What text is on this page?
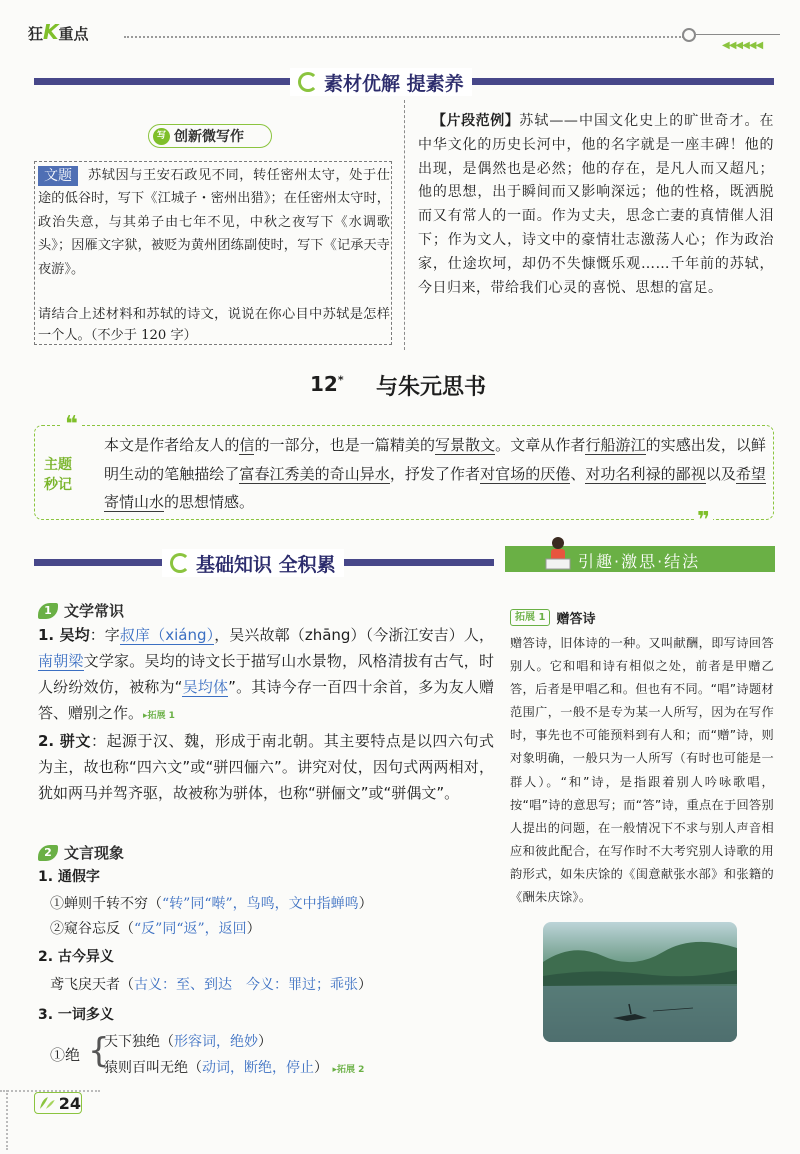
狂K重点
◀◀◀◀◀◀
素材优解 提素养
写 创新微写作
文题	苏轼因与王安石政见不同，转任密州太守，处于仕途的低谷时，写下《江城子・密州出猎》；在任密州太守时，政治失意，与其弟子由七年不见，中秋之夜写下《水调歌头》；因雁文字狱，被贬为黄州团练副使时，写下《记承天寺夜游》。
请结合上述材料和苏轼的诗文，说说在你心目中苏轼是怎样一个人。（不少于 120 字）
【片段范例】苏轼——中国文化史上的旷世奇才。在中华文化的历史长河中，他的名字就是一座丰碑！他的出现，是偶然也是必然；他的存在，是凡人而又超凡；他的思想，出于瞬间而又影响深远；他的性格，既洒脱而又有常人的一面。作为丈夫，思念亡妻的真情催人泪下；作为文人，诗文中的豪情壮志激荡人心；作为政治家，仕途坎坷，却仍不失慷慨乐观……千年前的苏轼，今日归来，带给我们心灵的喜悦、思想的富足。
12* 与朱元思书
❝
❞
主题秒记
本文是作者给友人的信的一部分，也是一篇精美的写景散文。文章从作者行船游江的实感出发，以鲜明生动的笔触描绘了富春江秀美的奇山异水，抒发了作者对官场的厌倦、对功名利禄的鄙视以及希望寄情山水的思想情感。
基础知识 全积累	引趣·激思·结法
1 文学常识
1. 吴均：字叔庠（xiáng），吴兴故鄣（zhāng）（今浙江安吉）人，南朝梁文学家。吴均的诗文长于描写山水景物，风格清拔有古气，时人纷纷效仿，被称为“吴均体”。其诗今存一百四十余首，多为友人赠答、赠别之作。▸拓展 1
2. 骈文：起源于汉、魏，形成于南北朝。其主要特点是以四六句式为主，故也称“四六文”或“骈四俪六”。讲究对仗，因句式两两相对，犹如两马并驾齐驱，故被称为骈体，也称“骈俪文”或“骈偶文”。
2 文言现象
1. 通假字
①蝉则千转不穷（“转”同“啭”，鸟鸣，文中指蝉鸣）
②窥谷忘反（“反”同“返”，返回）
2. 古今异义
鸢飞戾天者（古义：至、到达　今义：罪过；乖张）
3. 一词多义
①绝 {
天下独绝（形容词，绝妙）
猿则百叫无绝（动词，断绝，停止） ▸拓展 2
拓展 1 赠答诗
赠答诗，旧体诗的一种。又叫献酬，即写诗回答别人。它和唱和诗有相似之处，前者是甲赠乙答，后者是甲唱乙和。但也有不同。“唱”诗题材范围广，一般不是专为某一人所写，因为在写作时，事先也不可能预料到有人和；而“赠”诗，则对象明确，一般只为一人所写（有时也可能是一群人）。“和”诗，是指跟着别人吟咏歌唱，按“唱”诗的意思写；而“答”诗，重点在于回答别人提出的问题，在一般情况下不求与别人声音相应和彼此配合，在写作时不大考究别人诗歌的用韵形式，如朱庆馀的《闺意献张水部》和张籍的《酬朱庆馀》。
24
